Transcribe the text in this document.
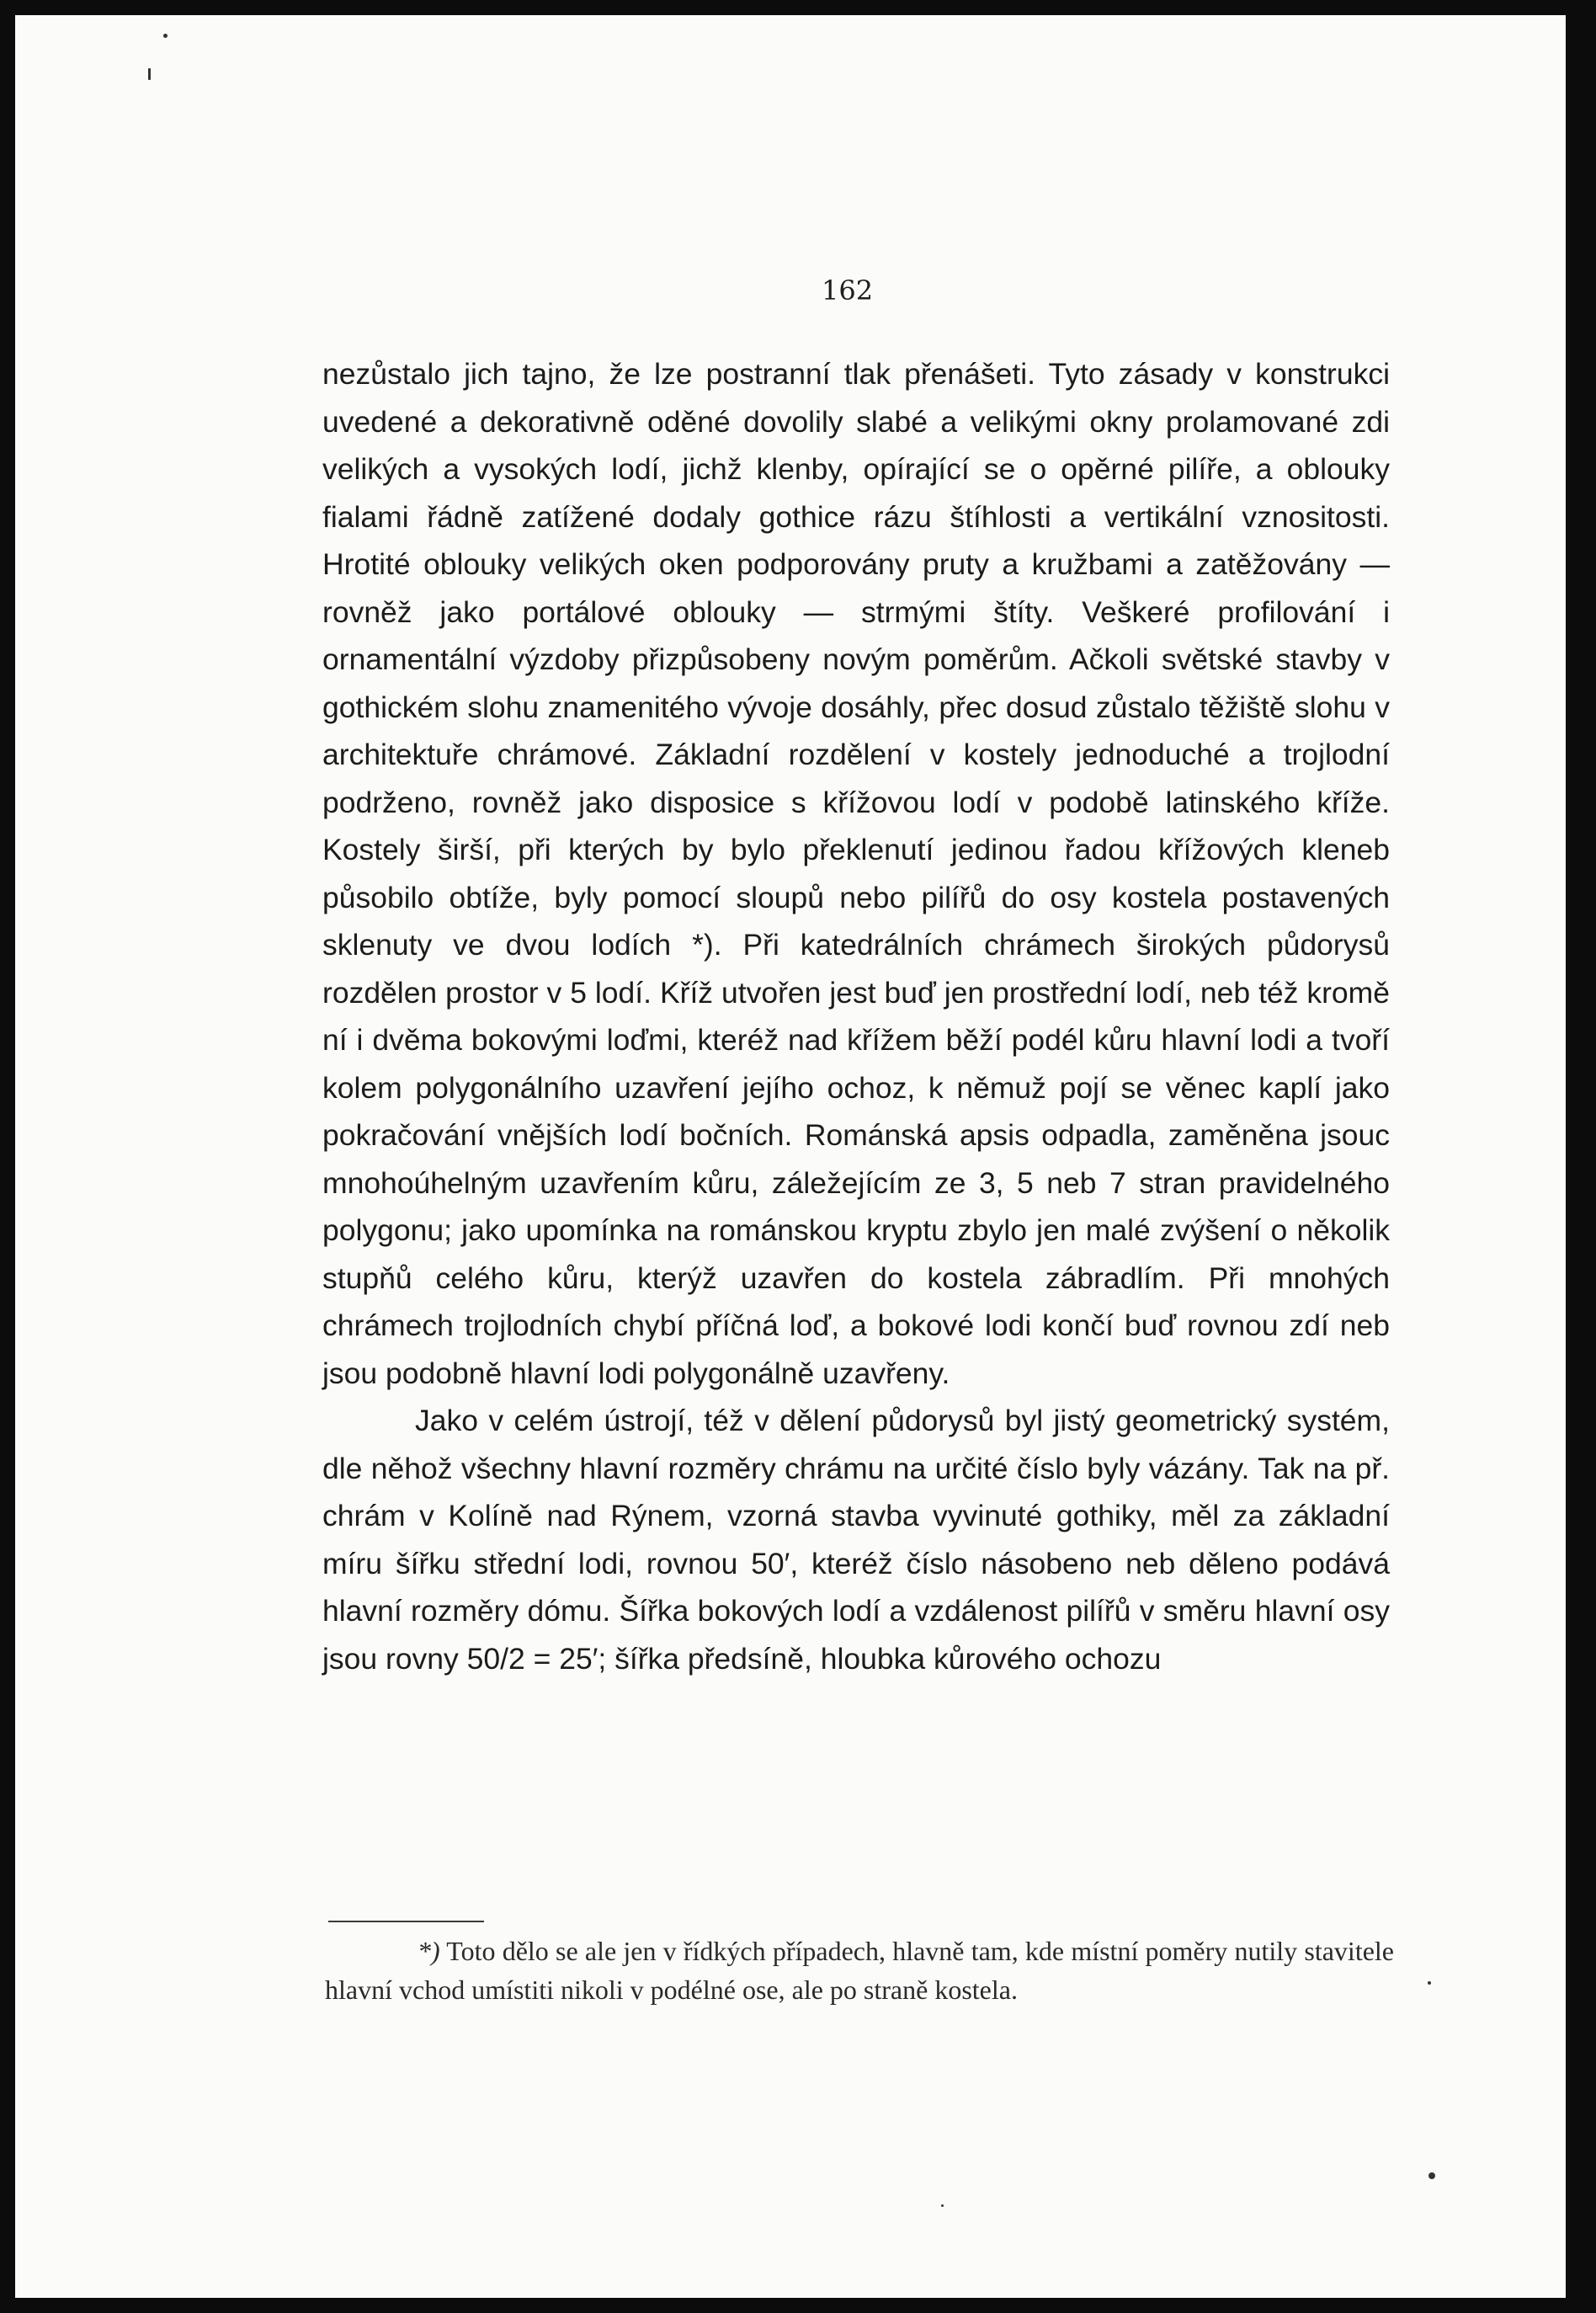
162

nezůstalo jich tajno, že lze postranní tlak přenášeti. Tyto zásady v konstrukci uvedené a dekorativně oděné dovolily slabé a velikými okny prolamované zdi velikých a vysokých lodí, jichž klenby, opírající se o opěrné pilíře, a oblouky fialami řádně zatížené dodaly gothice rázu štíhlosti a vertikální vznositosti. Hrotité oblouky velikých oken podporovány pruty a kružbami a zatěžovány — rovněž jako portálové oblouky — strmými štíty. Veškeré profilování i ornamentální výzdoby přizpůsobeny novým poměrům. Ačkoli světské stavby v gothickém slohu znamenitého vývoje dosáhly, přec dosud zůstalo těžiště slohu v architektuře chrámové. Základní rozdělení v kostely jednoduché a trojlodní podrženo, rovněž jako disposice s křížovou lodí v podobě latinského kříže. Kostely širší, při kterých by bylo překlenutí jedinou řadou křížových kleneb působilo obtíže, byly pomocí sloupů nebo pilířů do osy kostela postavených sklenuty ve dvou lodích *). Při katedrálních chrámech širokých půdorysů rozdělen prostor v 5 lodí. Kříž utvořen jest buď jen prostřední lodí, neb též kromě ní i dvěma bokovými loďmi, kteréž nad křížem běží podél kůru hlavní lodi a tvoří kolem polygonálního uzavření jejího ochoz, k němuž pojí se věnec kaplí jako pokračování vnějších lodí bočních. Románská apsis odpadla, zaměněna jsouc mnohoúhelným uzavřením kůru, záležejícím ze 3, 5 neb 7 stran pravidelného polygonu; jako upomínka na románskou kryptu zbylo jen malé zvýšení o několik stupňů celého kůru, kterýž uzavřen do kostela zábradlím. Při mnohých chrámech trojlodních chybí příčná loď, a bokové lodi končí buď rovnou zdí neb jsou podobně hlavní lodi polygonálně uzavřeny.

Jako v celém ústrojí, též v dělení půdorysů byl jistý geometrický systém, dle něhož všechny hlavní rozměry chrámu na určité číslo byly vázány. Tak na př. chrám v Kolíně nad Rýnem, vzorná stavba vyvinuté gothiky, měl za základní míru šířku střední lodi, rovnou 50′, kteréž číslo násobeno neb děleno podává hlavní rozměry dómu. Šířka bokových lodí a vzdálenost pilířů v směru hlavní osy jsou rovny 50/2 = 25′; šířka předsíně, hloubka kůrového ochozu

*) Toto dělo se ale jen v řídkých případech, hlavně tam, kde místní poměry nutily stavitele hlavní vchod umístiti nikoli v podélné ose, ale po straně kostela.
